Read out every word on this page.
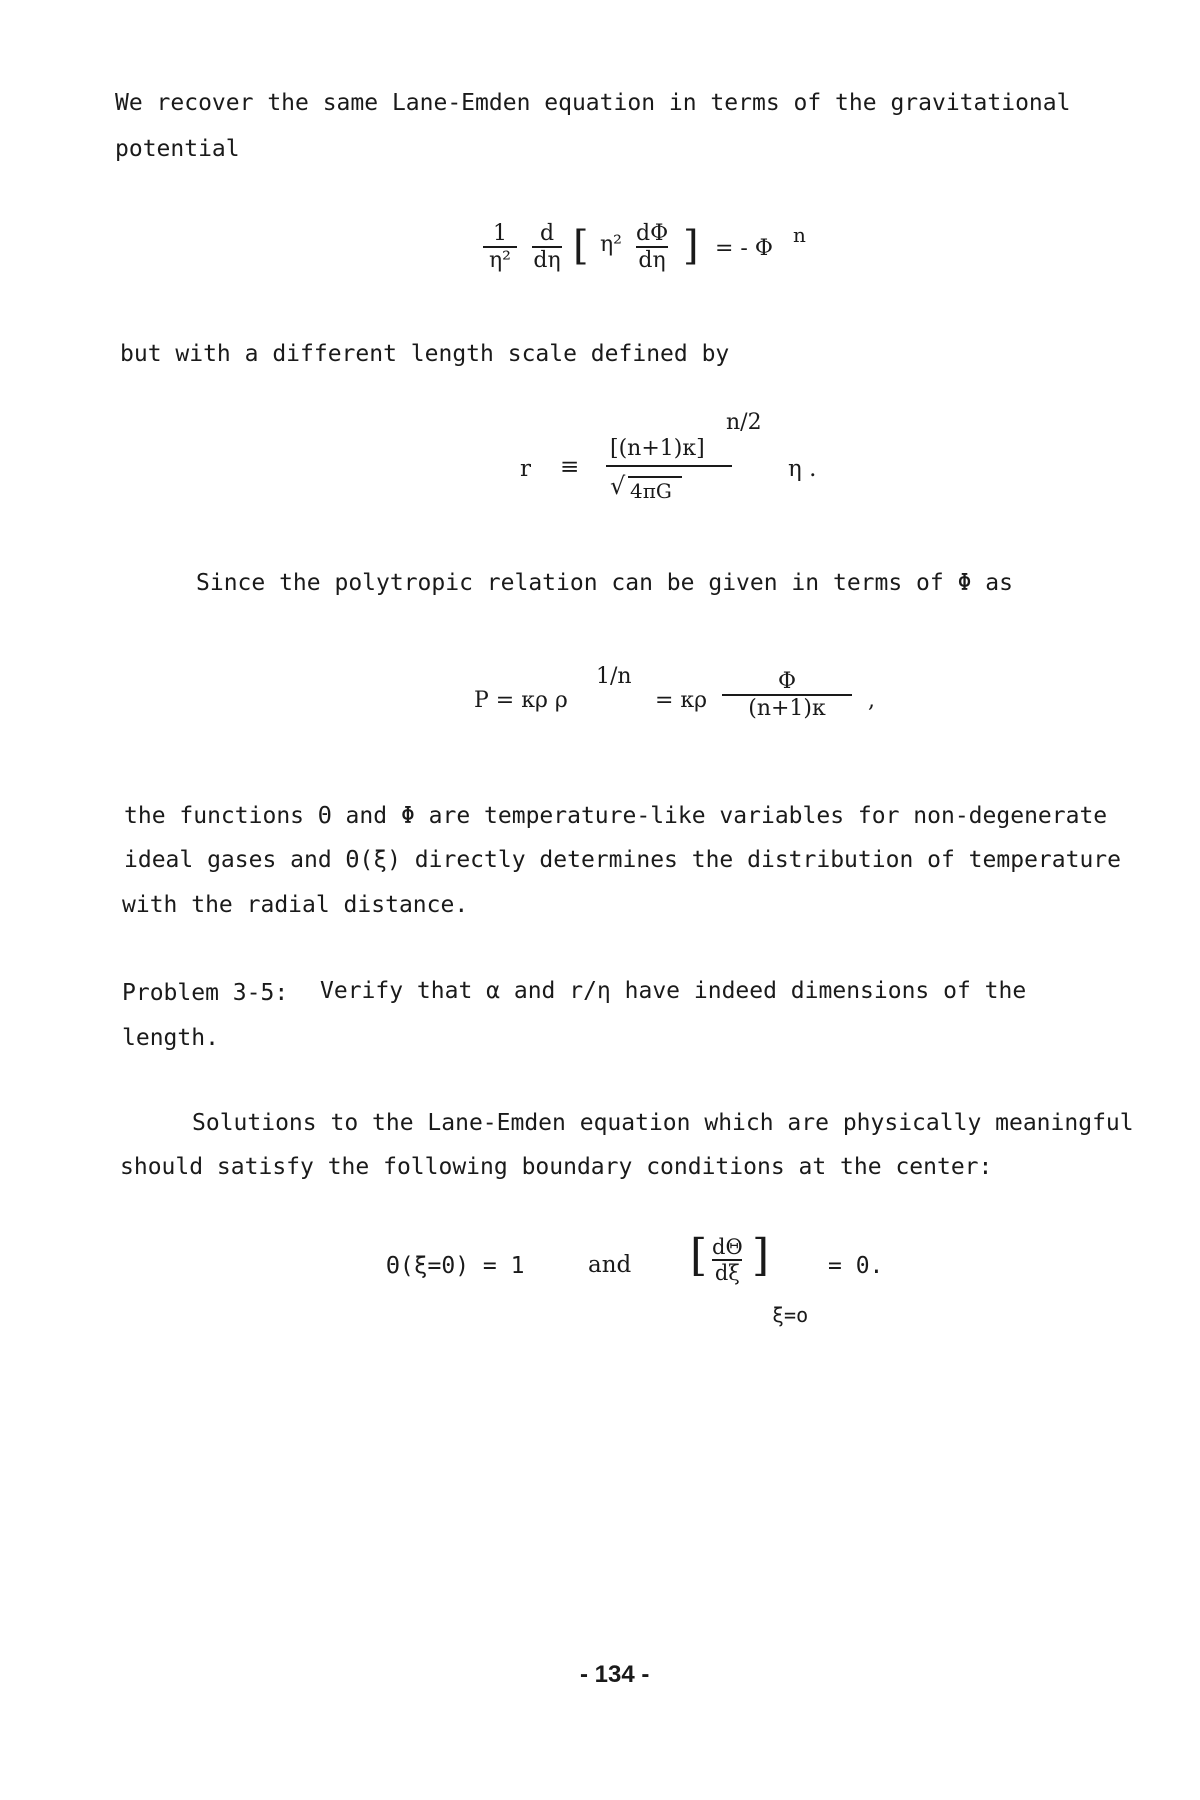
We recover the same Lane-Emden equation in terms of the gravitational
potential
1
η²
d
dη [ η² dΦ
dη ] = - Φ
n
but with a different length scale defined by
n/2
r ≡
[(n+1)κ]
√ 4πG
η .
Since the polytropic relation can be given in terms of Φ as
1/n
P = κρ ρ	= κρ
Φ
(n+1)κ ,
the functions Θ and Φ are temperature-like variables for non-degenerate
ideal gases and Θ(ξ) directly determines the distribution of temperature
with the radial distance.
Problem 3-5: Verify that α and r/η have indeed dimensions of the
length.
Solutions to the Lane-Emden equation which are physically meaningful
should satisfy the following boundary conditions at the center:
Θ(ξ=0) = 1	and [ dΘ
dξ ]
ξ=o
= 0.
- 134 -
